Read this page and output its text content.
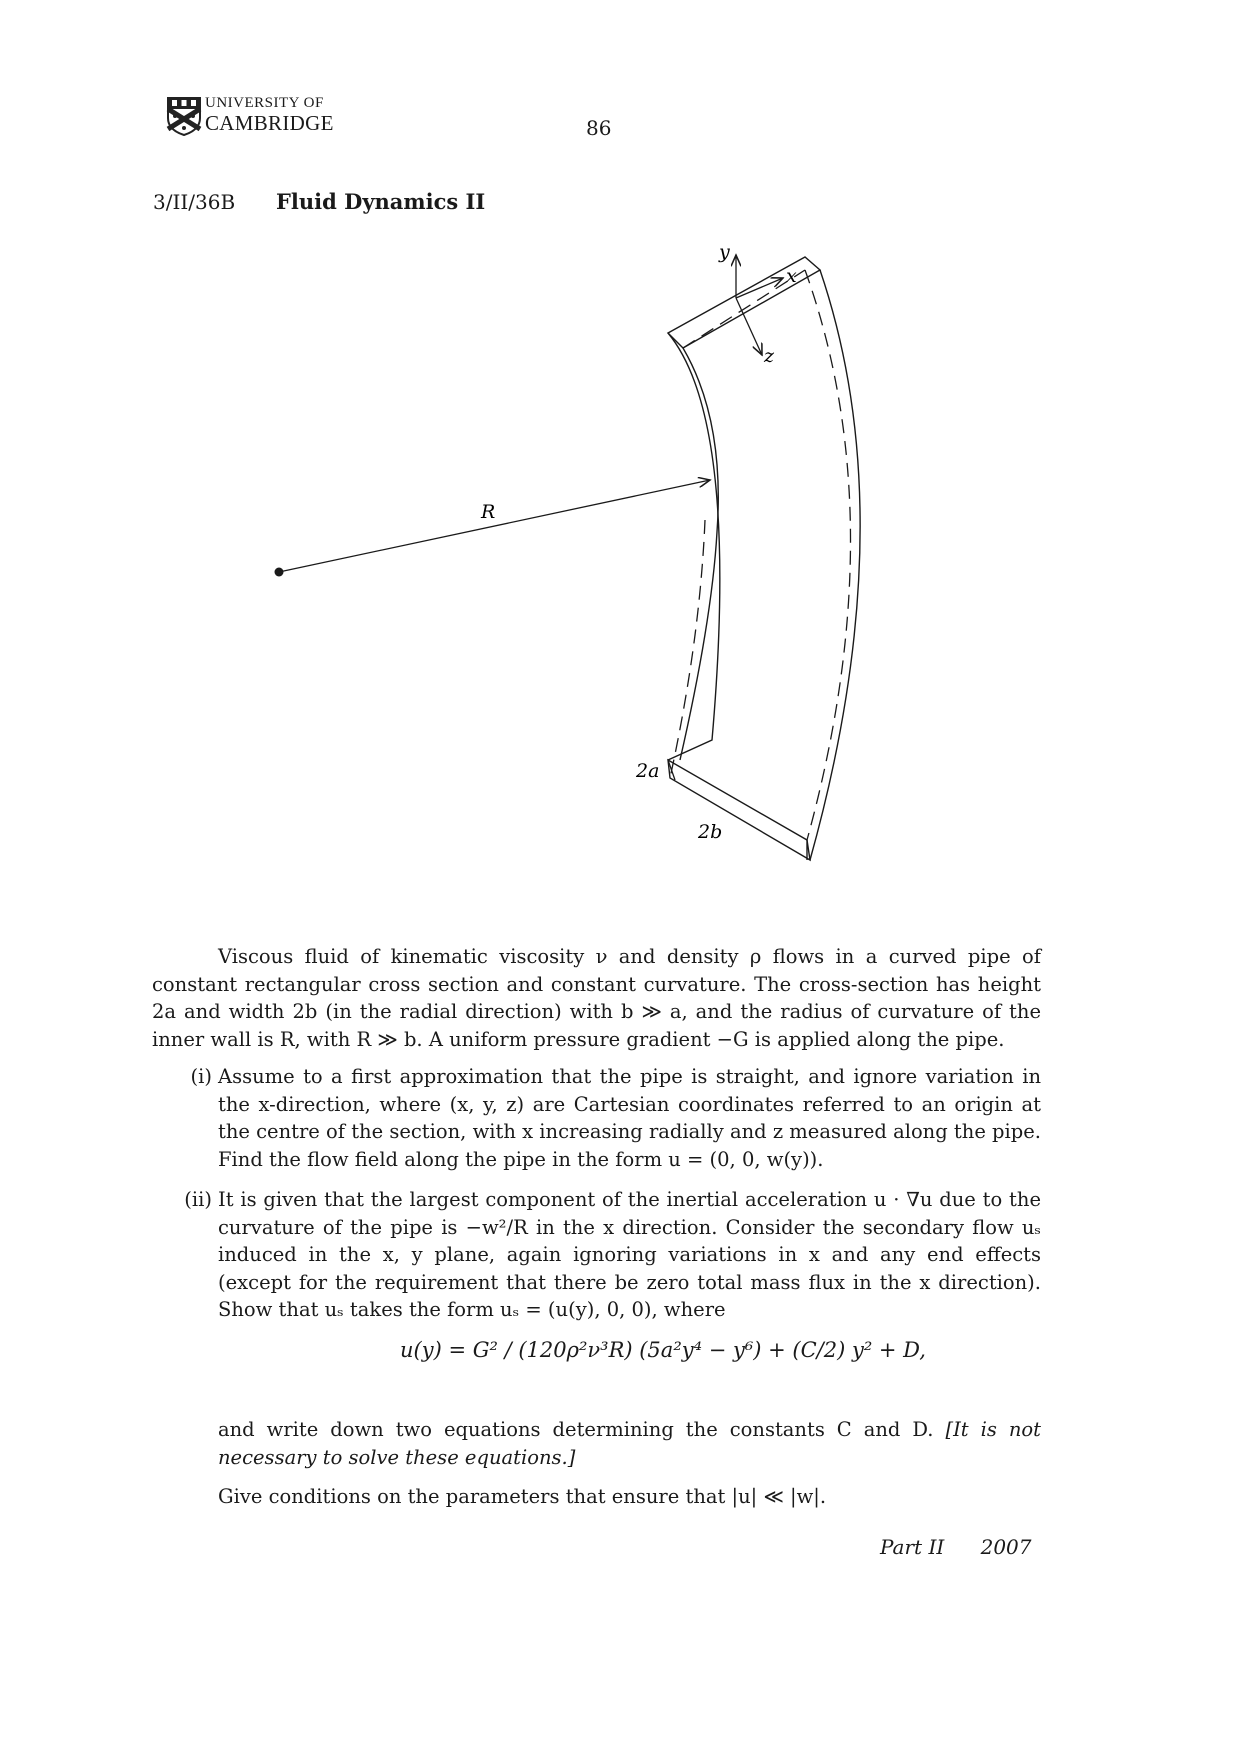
UNIVERSITY OF
CAMBRIDGE	86
3/II/36B Fluid Dynamics II
y
x
z
R
2a
2b
Viscous fluid of kinematic viscosity ν and density ρ flows in a curved pipe of constant rectangular cross section and constant curvature. The cross-section has height 2a and width 2b (in the radial direction) with b ≫ a, and the radius of curvature of the inner wall is R, with R ≫ b. A uniform pressure gradient −G is applied along the pipe.
(i) Assume to a first approximation that the pipe is straight, and ignore variation in the x-direction, where (x, y, z) are Cartesian coordinates referred to an origin at the centre of the section, with x increasing radially and z measured along the pipe. Find the flow field along the pipe in the form u = (0, 0, w(y)).
(ii) It is given that the largest component of the inertial acceleration u · ∇u due to the curvature of the pipe is −w²/R in the x direction. Consider the secondary flow uₛ induced in the x, y plane, again ignoring variations in x and any end effects (except for the requirement that there be zero total mass flux in the x direction). Show that uₛ takes the form uₛ = (u(y), 0, 0), where
u(y) = G² / (120ρ²ν³R) (5a²y⁴ − y⁶) + (C/2) y² + D,
and write down two equations determining the constants C and D. [It is not necessary to solve these equations.]
Give conditions on the parameters that ensure that |u| ≪ |w|.
Part II 2007
